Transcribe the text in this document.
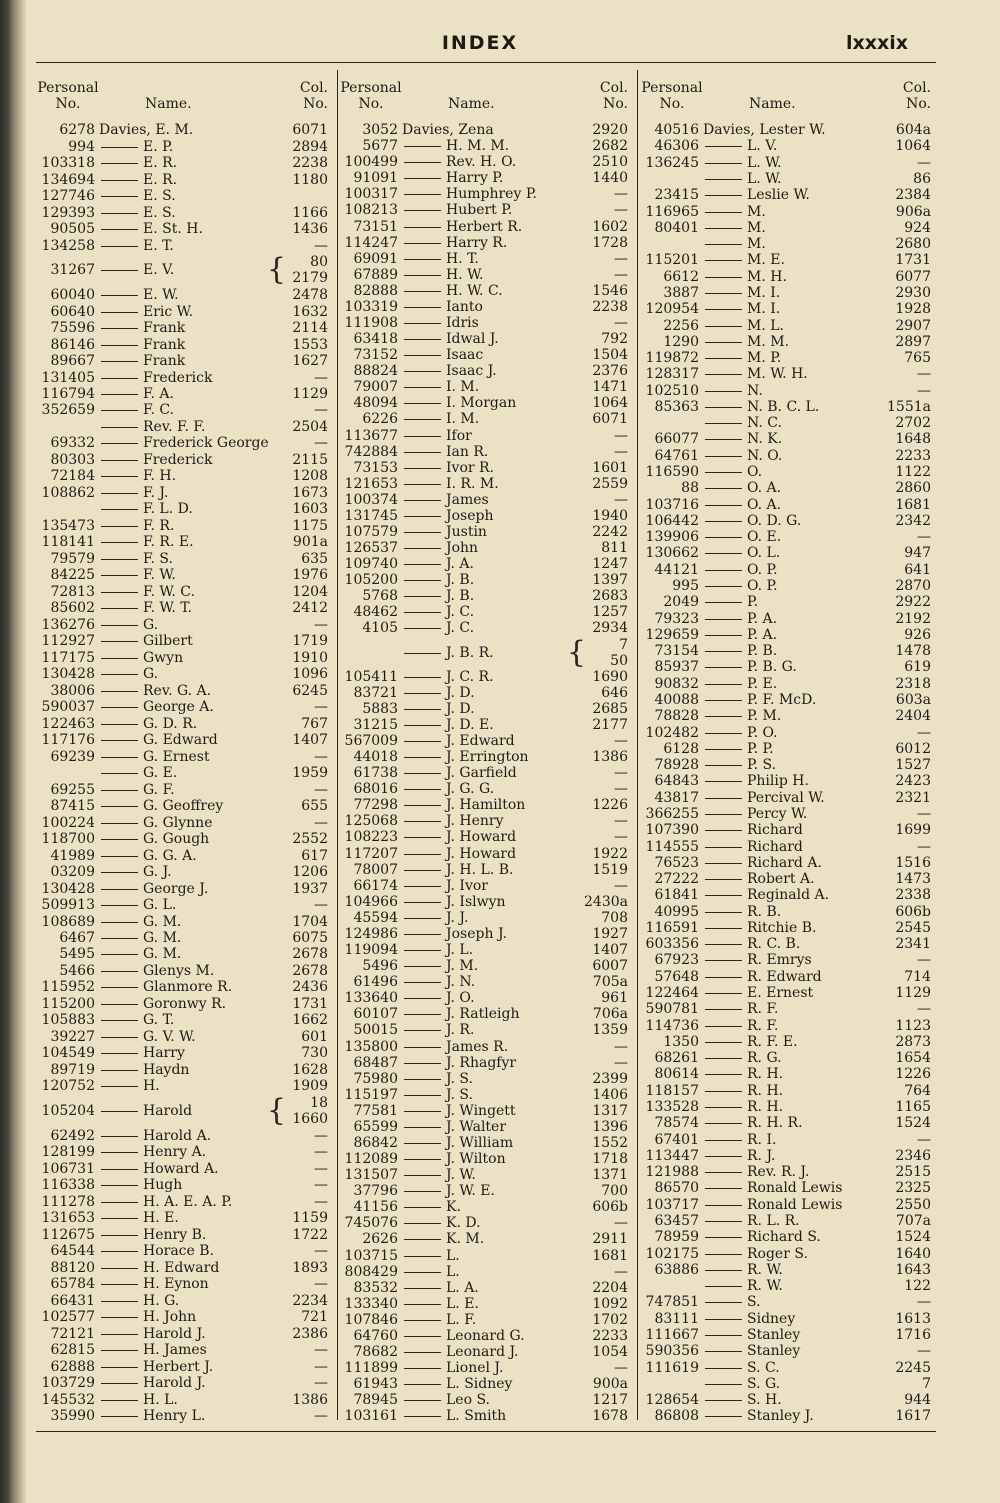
INDEX	lxxxix
Personal
No.	Name.
Col.
No.
6278 Davies, E. M.	6071
994	E. P.	2894
103318	E. R.	2238
134694	E. R.	1180
127746	E. S.
129393	E. S.	1166
90505	E. St. H.	1436
134258	E. T.	—
31267	E. V.	{	80
2179
60040	E. W.	2478
60640	Eric W.	1632
75596	Frank	2114
86146	Frank	1553
89667	Frank	1627
131405	Frederick	—
116794	F. A.	1129
352659	F. C.	—
Rev. F. F.	2504
69332	Frederick George	—
80303	Frederick	2115
72184	F. H.	1208
108862	F. J.	1673
F. L. D.	1603
135473	F. R.	1175
118141	F. R. E.	901a
79579	F. S.	635
84225	F. W.	1976
72813	F. W. C.	1204
85602	F. W. T.	2412
136276	G.	—
112927	Gilbert	1719
117175	Gwyn	1910
130428	G.	1096
38006	Rev. G. A.	6245
590037	George A.	—
122463	G. D. R.	767
117176	G. Edward	1407
69239	G. Ernest	—
G. E.	1959
69255	G. F.	—
87415	G. Geoffrey	655
100224	G. Glynne	—
118700	G. Gough	2552
41989	G. G. A.	617
03209	G. J.	1206
130428	George J.	1937
509913	G. L.	—
108689	G. M.	1704
6467	G. M.	6075
5495	G. M.	2678
5466	Glenys M.	2678
115952	Glanmore R.	2436
115200	Goronwy R.	1731
105883	G. T.	1662
39227	G. V. W.	601
104549	Harry	730
89719	Haydn	1628
120752	H.	1909
105204	Harold {	18
1660
62492	Harold A.	—
128199	Henry A.	—
106731	Howard A.	—
116338	Hugh	—
111278	H. A. E. A. P.	—
131653	H. E.	1159
112675	Henry B.	1722
64544	Horace B.	—
88120	H. Edward	1893
65784	H. Eynon	—
66431	H. G.	2234
102577	H. John	721
72121	Harold J.	2386
62815	H. James	—
62888	Herbert J.	—
103729	Harold J.	—
145532	H. L.	1386
35990	Henry L.	—
Personal
No.	Name.
Col.
No.
3052 Davies, Zena	2920
5677	H. M. M.	2682
100499	Rev. H. O.	2510
91091	Harry P.	1440
100317	Humphrey P.	—
108213	Hubert P.	—
73151	Herbert R.	1602
114247	Harry R.	1728
69091	H. T.	—
67889	H. W.	—
82888	H. W. C.	1546
103319	Ianto	2238
111908	Idris	—
63418	Idwal J.	792
73152	Isaac	1504
88824	Isaac J.	2376
79007	I. M.	1471
48094	I. Morgan	1064
6226	I. M.	6071
113677	Ifor	—
742884	Ian R.	—
73153	Ivor R.	1601
121653	I. R. M.	2559
100374	James	—
131745	Joseph	1940
107579	Justin	2242
126537	John	811
109740	J. A.	1247
105200	J. B.	1397
5768	J. B.	2683
48462	J. C.	1257
4105	J. C.	2934
J. B. R. {	7
50
105411	J. C. R.	1690
83721	J. D.	646
5883	J. D.	2685
31215	J. D. E.	2177
567009	J. Edward	—
44018	J. Errington	1386
61738	J. Garfield	—
68016	J. G. G.	—
77298	J. Hamilton	1226
125068	J. Henry	—
108223	J. Howard	—
117207	J. Howard	1922
78007	J. H. L. B.	1519
66174	J. Ivor	—
104966	J. Islwyn	2430a
45594	J. J.	708
124986	Joseph J.	1927
119094	J. L.	1407
5496	J. M.	6007
61496	J. N.	705a
133640	J. O.	961
60107	J. Ratleigh	706a
50015	J. R.	1359
135800	James R.	—
68487	J. Rhagfyr	—
75980	J. S.	2399
115197	J. S.	1406
77581	J. Wingett	1317
65599	J. Walter	1396
86842	J. William	1552
112089	J. Wilton	1718
131507	J. W.	1371
37796	J. W. E.	700
41156	K.	606b
745076	K. D.	—
2626	K. M.	2911
103715	L.	1681
808429	L.	—
83532	L. A.	2204
133340	L. E.	1092
107846	L. F.	1702
64760	Leonard G.	2233
78682	Leonard J.	1054
111899	Lionel J.	—
61943	L. Sidney	900a
78945	Leo S.	1217
103161	L. Smith	1678
Personal
No.	Name.
Col.
No.
40516 Davies, Lester W.	604a
46306	L. V.	1064
136245	L. W.	—
L. W.	86
23415	Leslie W.	2384
116965	M.	906a
80401	M.	924
M.	2680
115201	M. E.	1731
6612	M. H.	6077
3887	M. I.	2930
120954	M. I.	1928
2256	M. L.	2907
1290	M. M.	2897
119872	M. P.	765
128317	M. W. H.	—
102510	N.	—
85363	N. B. C. L.	1551a
N. C.	2702
66077	N. K.	1648
64761	N. O.	2233
116590	O.	1122
88	O. A.	2860
103716	O. A.	1681
106442	O. D. G.	2342
139906	O. E.	—
130662	O. L.	947
44121	O. P.	641
995	O. P.	2870
2049	P.	2922
79323	P. A.	2192
129659	P. A.	926
73154	P. B.	1478
85937	P. B. G.	619
90832	P. E.	2318
40088	P. F. McD.	603a
78828	P. M.	2404
102482	P. O.	—
6128	P. P.	6012
78928	P. S.	1527
64843	Philip H.	2423
43817	Percival W.	2321
366255	Percy W.	—
107390	Richard	1699
114555	Richard	—
76523	Richard A.	1516
27222	Robert A.	1473
61841	Reginald A.	2338
40995	R. B.	606b
116591	Ritchie B.	2545
603356	R. C. B.	2341
67923	R. Emrys	—
57648	R. Edward	714
122464	E. Ernest	1129
590781	R. F.	—
114736	R. F.	1123
1350	R. F. E.	2873
68261	R. G.	1654
80614	R. H.	1226
118157	R. H.	764
133528	R. H.	1165
78574	R. H. R.	1524
67401	R. I.	—
113447	R. J.	2346
121988	Rev. R. J.	2515
86570	Ronald Lewis	2325
103717	Ronald Lewis	2550
63457	R. L. R.	707a
78959	Richard S.	1524
102175	Roger S.	1640
63886	R. W.	1643
R. W.	122
747851	S.	—
83111	Sidney	1613
111667	Stanley	1716
590356	Stanley	—
111619	S. C.	2245
S. G.	7
128654	S. H.	944
86808	Stanley J.	1617
